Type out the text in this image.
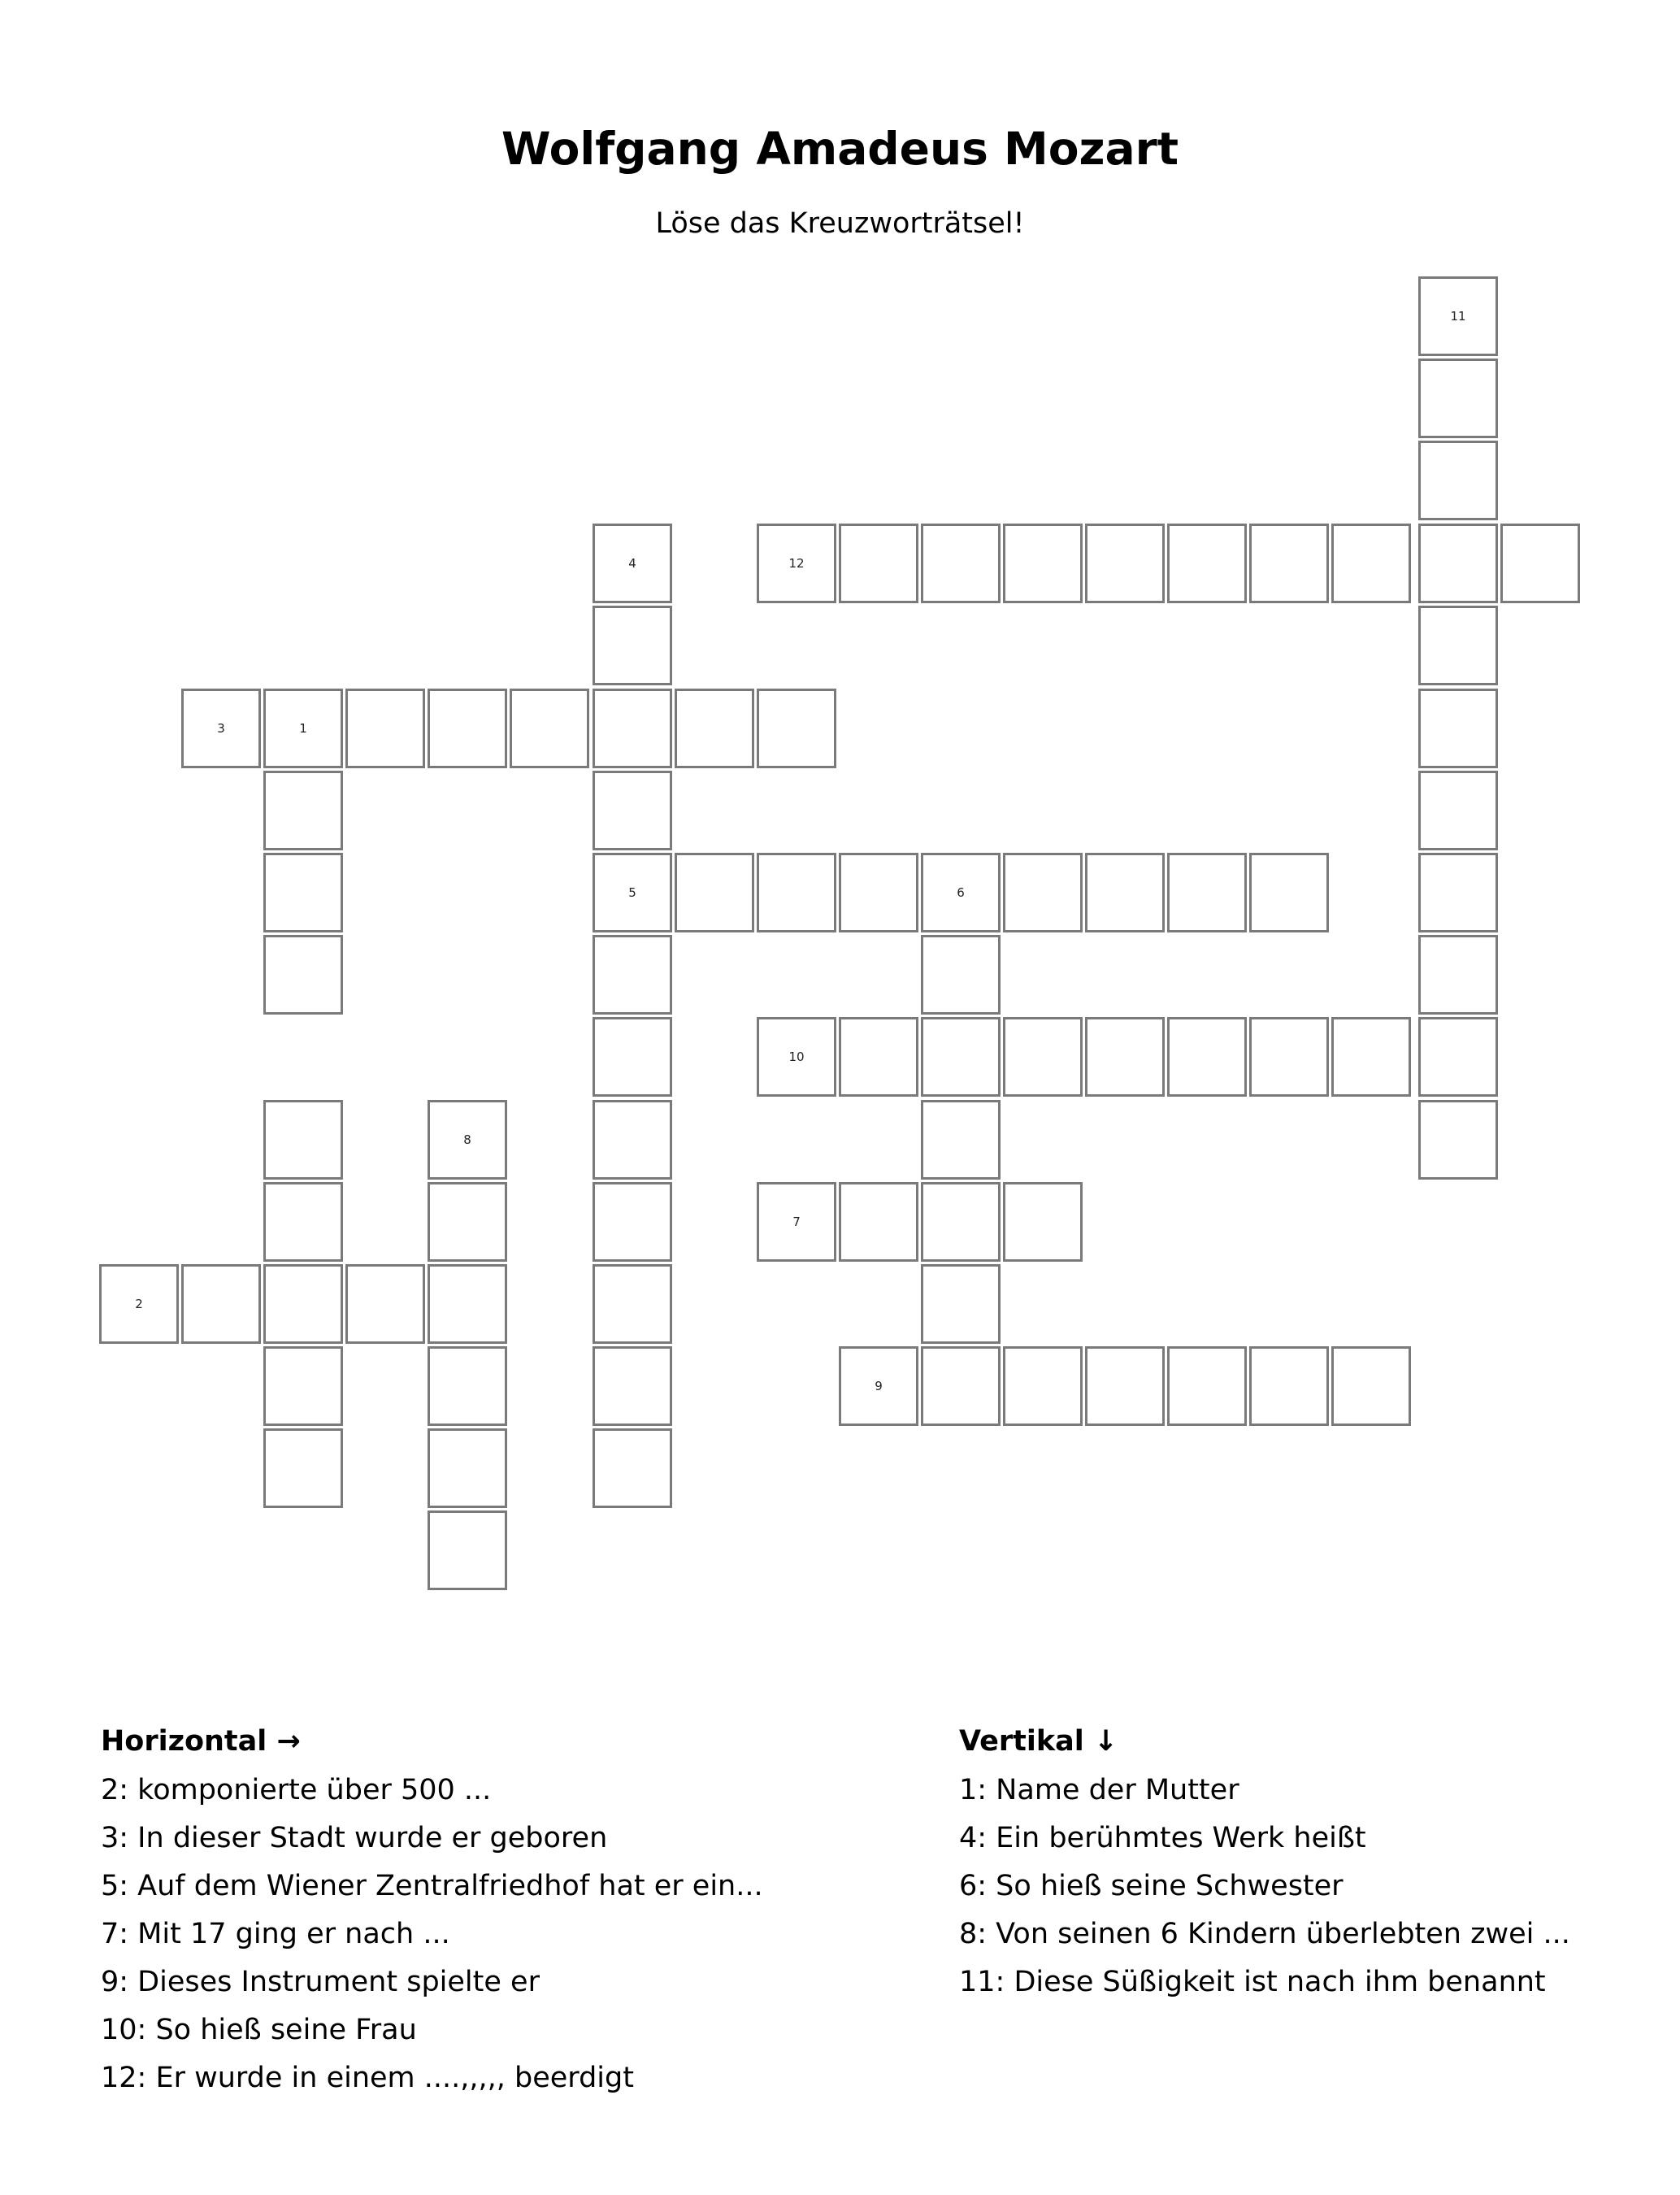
Wolfgang Amadeus Mozart
Löse das Kreuzworträtsel!
11
4	12
3	1
5	6
10
8
7
2
9
Horizontal →
2: komponierte über 500 ...
3: In dieser Stadt wurde er geboren
5: Auf dem Wiener Zentralfriedhof hat er ein...
7: Mit 17 ging er nach ...
9: Dieses Instrument spielte er
10: So hieß seine Frau
12: Er wurde in einem ....,,,,, beerdigt
Vertikal ↓
1: Name der Mutter
4: Ein berühmtes Werk heißt
6: So hieß seine Schwester
8: Von seinen 6 Kindern überlebten zwei ...
11: Diese Süßigkeit ist nach ihm benannt
